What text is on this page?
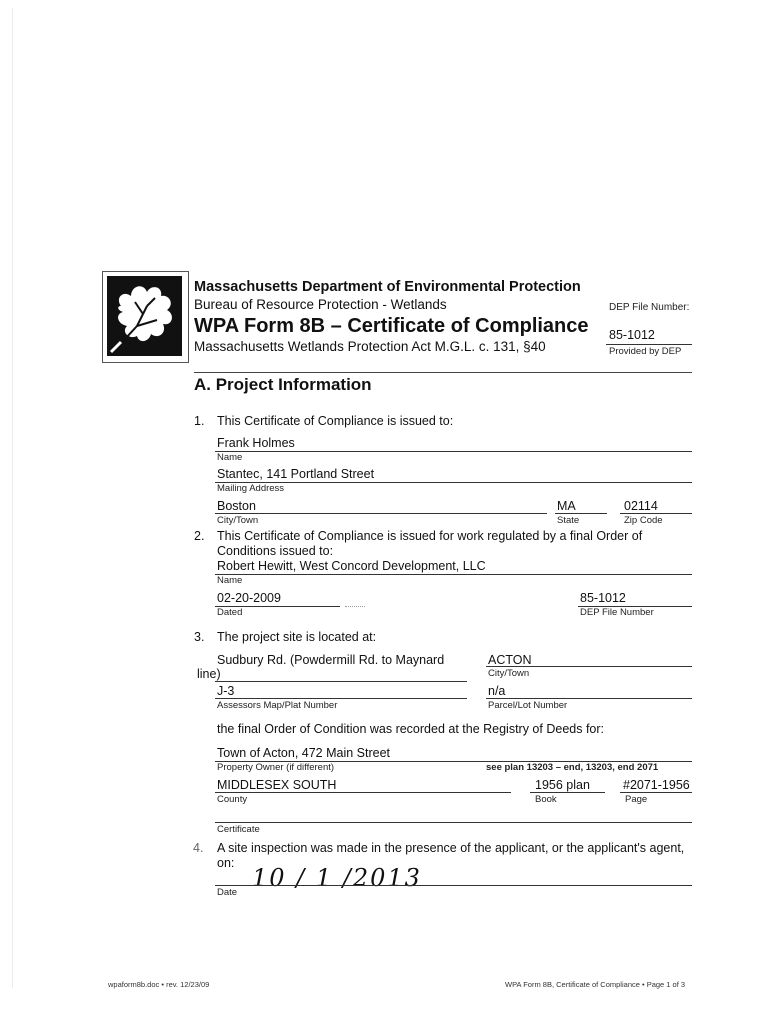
Massachusetts Department of Environmental Protection
Bureau of Resource Protection - Wetlands
WPA Form 8B – Certificate of Compliance
Massachusetts Wetlands Protection Act M.G.L. c. 131, §40
DEP File Number:
85-1012
Provided by DEP
A. Project Information
1. This Certificate of Compliance is issued to:
Frank Holmes
Name
Stantec, 141 Portland Street
Mailing Address
Boston	MA	02114
City/Town	State	Zip Code
2. This Certificate of Compliance is issued for work regulated by a final Order of
Conditions issued to:
Robert Hewitt, West Concord Development, LLC
Name
02-20-2009	85-1012
Dated	DEP File Number
3. The project site is located at:
Sudbury Rd. (Powdermill Rd. to Maynard
line)
ACTON
City/Town
J-3	n/a
Assessors Map/Plat Number	Parcel/Lot Number
the final Order of Condition was recorded at the Registry of Deeds for:
Town of Acton, 472 Main Street
Property Owner (if different)	see plan 13203 – end, 13203, end 2071
MIDDLESEX SOUTH	1956 plan	#2071-1956
County	Book	Page
Certificate
4. A site inspection was made in the presence of the applicant, or the applicant's agent,
on:
10 / 1 /2013
Date
wpaform8b.doc • rev. 12/23/09	WPA Form 8B, Certificate of Compliance • Page 1 of 3
